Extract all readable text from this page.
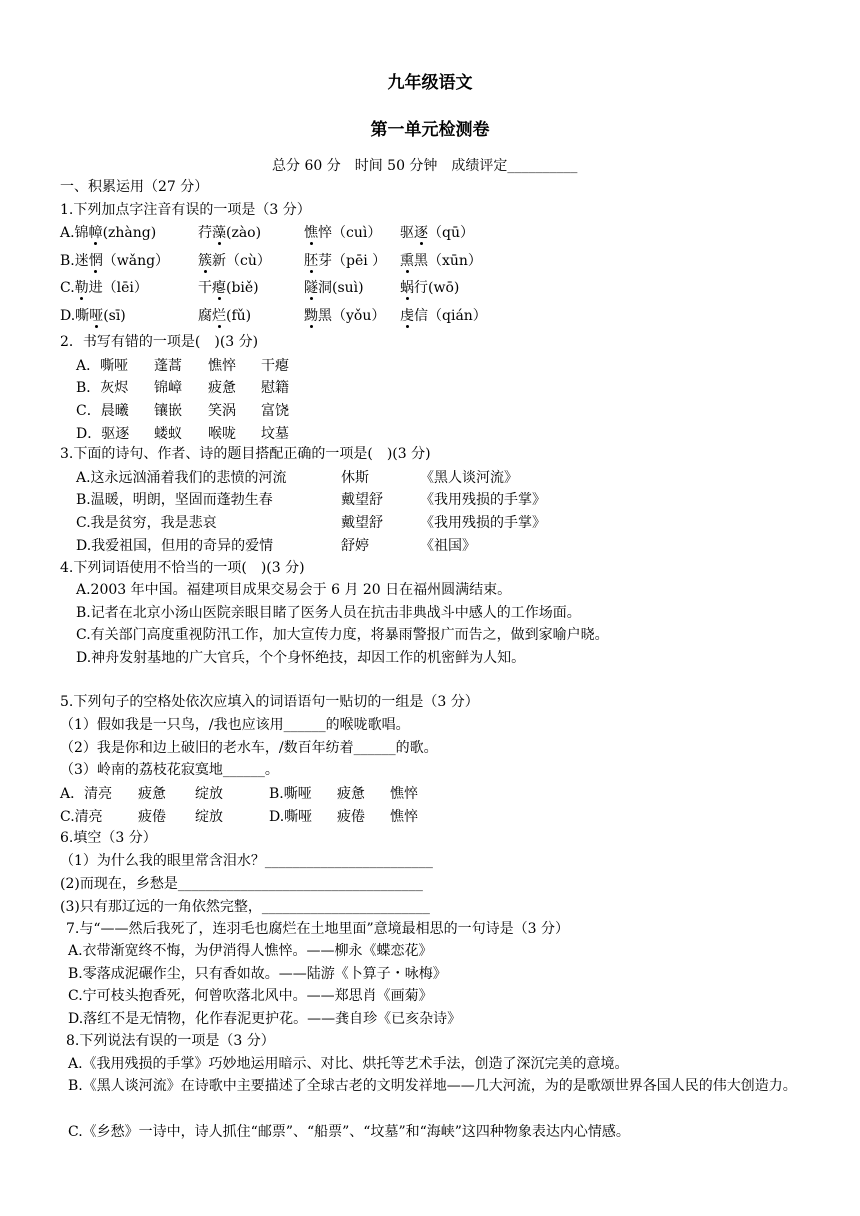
九年级语文
第一单元检测卷
总分 60 分　时间 50 分钟　成绩评定__________
一、积累运用（27 分）
1.下列加点字注音有误的一项是（3 分）
A.锦幛(zhàng)	荇藻(zào)	憔悴（cuì） 驱逐（qū）
B.迷惘（wǎng） 簇新（cù） 胚芽（pēi ） 熏黑（xūn）
C.勒进（lēi）	干瘪(biě)	隧洞(suì)	蜗行(wō)
D.嘶哑(sī)	腐烂(fǔ)	黝黑（yǒu） 虔信（qián）
2．书写有错的一项是(　)(3 分)
A．嘶哑 蓬蒿 憔悴 干瘪
B．灰烬 锦嶂 疲惫 慰籍
C．晨曦 镶嵌 笑涡 富饶
D．驱逐 蝼蚁 喉咙 坟墓
3.下面的诗句、作者、诗的题目搭配正确的一项是(　)(3 分)
A.这永远汹涌着我们的悲愤的河流	休斯	《黑人谈河流》
B.温暖，明朗，坚固而蓬勃生春	戴望舒	《我用残损的手掌》
C.我是贫穷，我是悲哀	戴望舒	《我用残损的手掌》
D.我爱祖国，但用的奇异的爱情	舒婷	《祖国》
4.下列词语使用不恰当的一项(　)(3 分)
A.2003 年中国。福建项目成果交易会于 6 月 20 日在福州圆满结束。
B.记者在北京小汤山医院亲眼目睹了医务人员在抗击非典战斗中感人的工作场面。
C.有关部门高度重视防汛工作，加大宣传力度，将暴雨警报广而告之，做到家喻户晓。
D.神舟发射基地的广大官兵，个个身怀绝技，却因工作的机密鲜为人知。
5.下列句子的空格处依次应填入的词语语句一贴切的一组是（3 分）
（1）假如我是一只鸟，/我也应该用______的喉咙歌唱。
（2）我是你和边上破旧的老水车，/数百年纺着______的歌。
（3）岭南的荔枝花寂寞地______。
A．清亮 疲惫 绽放	B.嘶哑 疲惫 憔悴
C.清亮	疲倦 绽放	D.嘶哑 疲倦 憔悴
6.填空（3 分）
（1）为什么我的眼里常含泪水？________________________
(2)而现在，乡愁是___________________________________
(3)只有那辽远的一角依然完整，________________________
7.与“——然后我死了，连羽毛也腐烂在土地里面”意境最相思的一句诗是（3 分）
A.衣带渐宽终不悔，为伊消得人憔悴。——柳永《蝶恋花》
B.零落成泥碾作尘，只有香如故。——陆游《卜算子・咏梅》
C.宁可枝头抱香死，何曾吹落北风中。——郑思肖《画菊》
D.落红不是无情物，化作春泥更护花。——龚自珍《已亥杂诗》
8.下列说法有误的一项是（3 分）
A.《我用残损的手掌》巧妙地运用暗示、对比、烘托等艺术手法，创造了深沉完美的意境。
B.《黑人谈河流》在诗歌中主要描述了全球古老的文明发祥地——几大河流，为的是歌颂世界各国人民的伟大创造力。
C.《乡愁》一诗中，诗人抓住“邮票”、“船票”、“坟墓”和“海峡”这四种物象表达内心情感。
